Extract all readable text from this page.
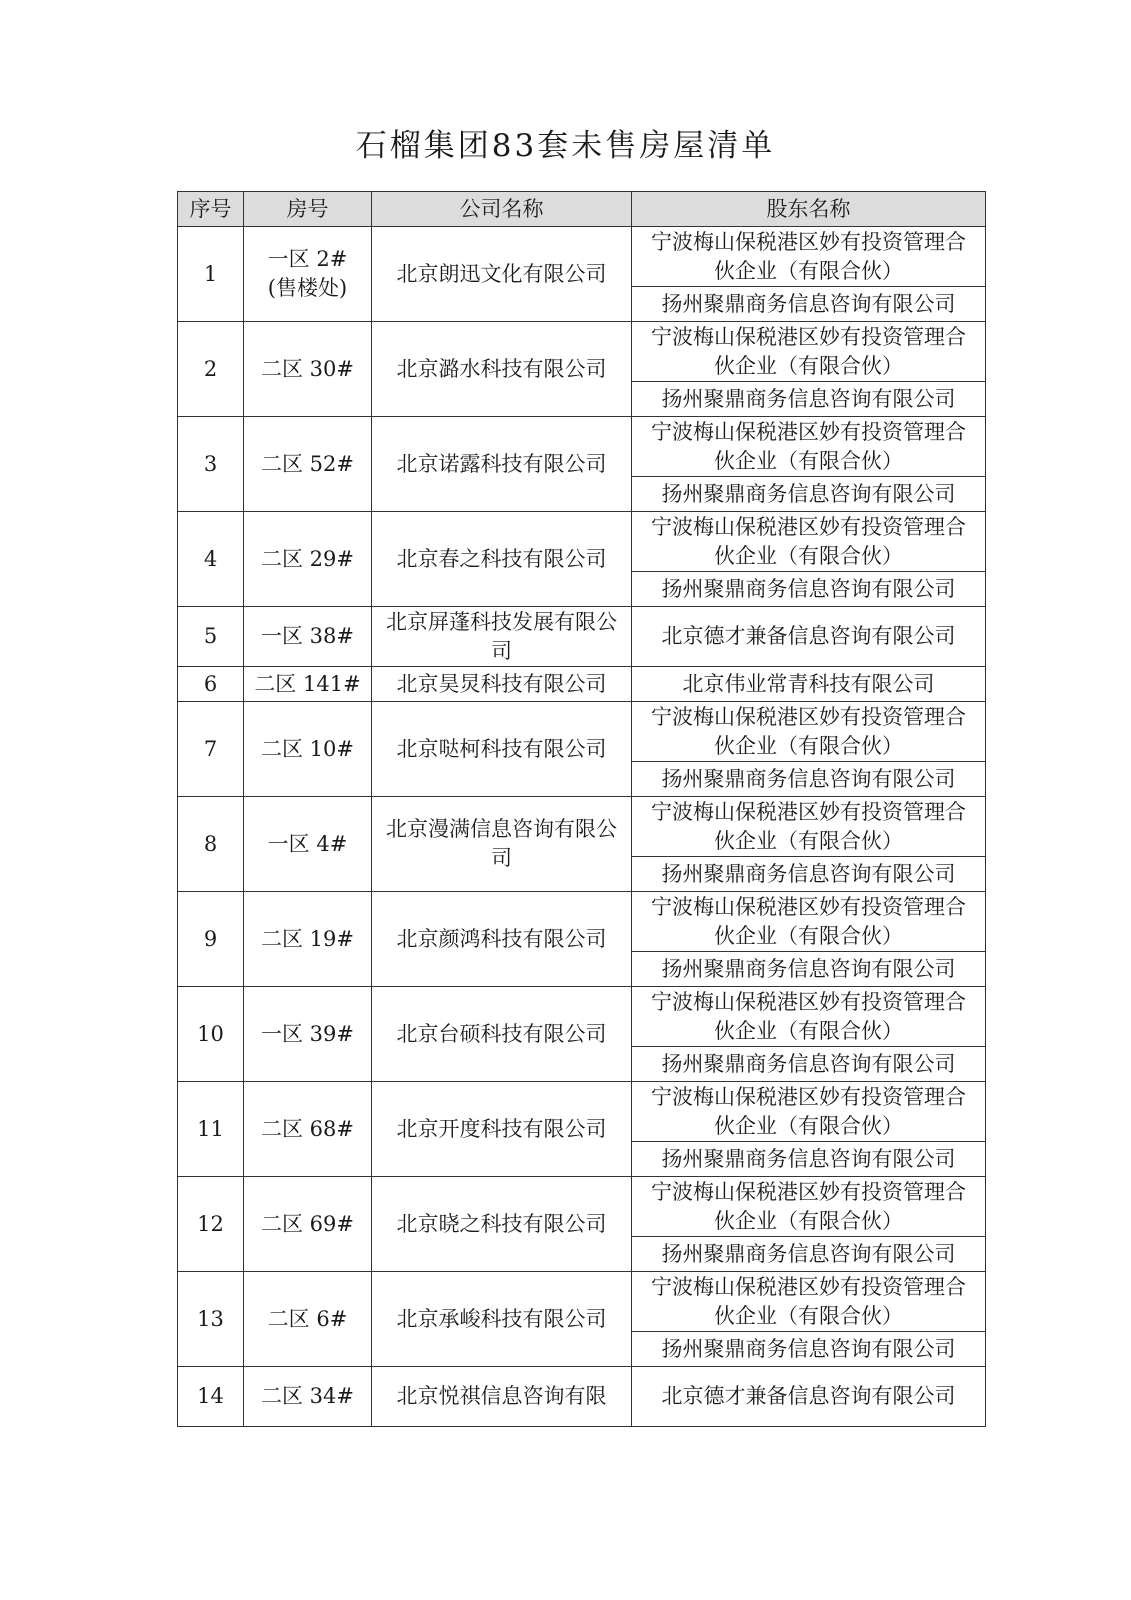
石榴集团83套未售房屋清单
序号	房号	公司名称	股东名称
1	一区 2#(售楼处)	北京朗迅文化有限公司	宁波梅山保税港区妙有投资管理合伙企业（有限合伙）
扬州聚鼎商务信息咨询有限公司

2	二区 30#	北京潞水科技有限公司	宁波梅山保税港区妙有投资管理合伙企业（有限合伙）
扬州聚鼎商务信息咨询有限公司

3	二区 52#	北京诺露科技有限公司	宁波梅山保税港区妙有投资管理合伙企业（有限合伙）
扬州聚鼎商务信息咨询有限公司

4	二区 29#	北京春之科技有限公司	宁波梅山保税港区妙有投资管理合伙企业（有限合伙）
扬州聚鼎商务信息咨询有限公司

5	一区 38#	北京屏蓬科技发展有限公司	北京德才兼备信息咨询有限公司

6	二区 141#	北京昊炅科技有限公司	北京伟业常青科技有限公司

7	二区 10#	北京哒柯科技有限公司	宁波梅山保税港区妙有投资管理合伙企业（有限合伙）
扬州聚鼎商务信息咨询有限公司

8	一区 4#	北京漫满信息咨询有限公司	宁波梅山保税港区妙有投资管理合伙企业（有限合伙）
扬州聚鼎商务信息咨询有限公司

9	二区 19#	北京颜鸿科技有限公司	宁波梅山保税港区妙有投资管理合伙企业（有限合伙）
扬州聚鼎商务信息咨询有限公司

10	一区 39#	北京台硕科技有限公司	宁波梅山保税港区妙有投资管理合伙企业（有限合伙）
扬州聚鼎商务信息咨询有限公司

11	二区 68#	北京开度科技有限公司	宁波梅山保税港区妙有投资管理合伙企业（有限合伙）
扬州聚鼎商务信息咨询有限公司

12	二区 69#	北京晓之科技有限公司	宁波梅山保税港区妙有投资管理合伙企业（有限合伙）
扬州聚鼎商务信息咨询有限公司

13	二区 6#	北京承峻科技有限公司	宁波梅山保税港区妙有投资管理合伙企业（有限合伙）
扬州聚鼎商务信息咨询有限公司

14	二区 34#	北京悦祺信息咨询有限	北京德才兼备信息咨询有限公司
